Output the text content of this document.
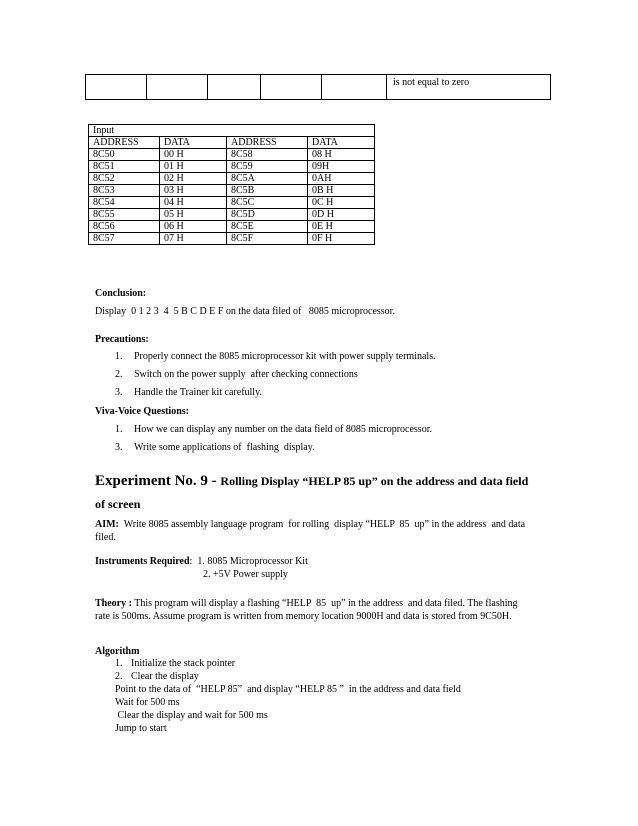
					is not equal to zero
Input			
ADDRESS	DATA	ADDRESS	DATA
8C50	00 H	8C58	08 H
8C51	01 H	8C59	09H
8C52	02 H	8C5A	0AH
8C53	03 H	8C5B	0B H
8C54	04 H	8C5C	0C H
8C55	05 H	8C5D	0D H
8C56	06 H	8C5E	0E H
8C57	07 H	8C5F	0F H
Conclusion:
Display  0 1 2 3  4  5 B C D E F on the data filed of   8085 microprocessor.
Precautions:
1. Properly connect the 8085 microprocessor kit with power supply terminals.
2. Switch on the power supply  after checking connections
3. Handle the Trainer kit carefully.
Viva-Voice Questions:
1. How we can display any number on the data field of 8085 microprocessor.
3. Write some applications of  flashing  display.
Experiment No. 9 - Rolling Display “HELP 85 up” on the address and data field
of screen
AIM:  Write 8085 assembly language program  for rolling  display “HELP  85  up” in the address  and data
filed.
Instruments Required:  1. 8085 Microprocessor Kit
2. +5V Power supply
Theory : This program will display a flashing “HELP  85  up” in the address  and data filed. The flashing
rate is 500ms. Assume program is written from memory location 9000H and data is stored from 9C50H.
Algorithm
1. Initialize the stack pointer
2. Clear the display
Point to the data of  “HELP 85”  and display “HELP 85 ”  in the address and data field
Wait for 500 ms
Clear the display and wait for 500 ms
Jump to start
